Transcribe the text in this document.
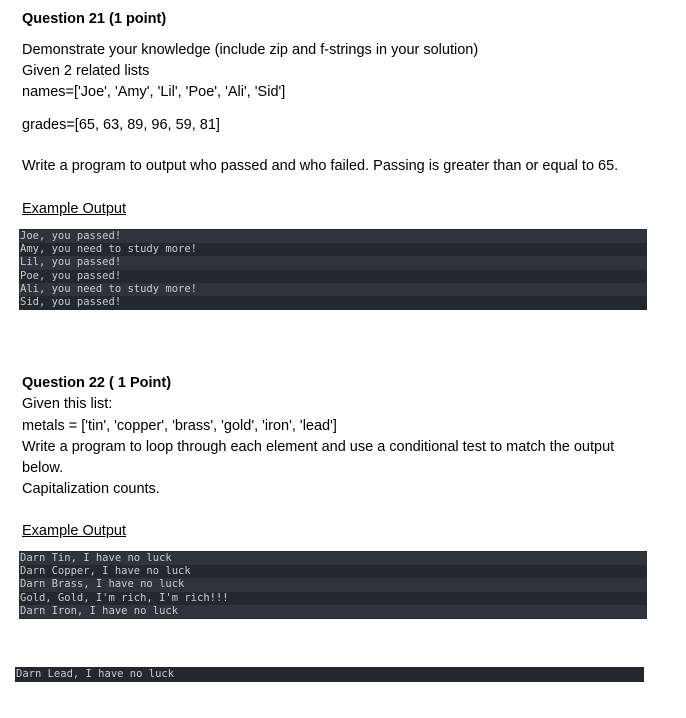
Question 21 (1 point)
Demonstrate your knowledge (include zip and f-strings in your solution)
Given 2 related lists
names=['Joe', 'Amy', 'Lil', 'Poe', 'Ali', 'Sid']
grades=[65, 63, 89, 96, 59, 81]
Write a program to output who passed and who failed. Passing is greater than or equal to 65.
Example Output
Joe, you passed!
Amy, you need to study more!
Lil, you passed!
Poe, you passed!
Ali, you need to study more!
Sid, you passed!
Question 22 ( 1 Point)
Given this list:
metals = ['tin', 'copper', 'brass', 'gold', 'iron', 'lead']
Write a program to loop through each element and use a conditional test to match the output
below.
Capitalization counts.
Example Output
Darn Tin, I have no luck
Darn Copper, I have no luck
Darn Brass, I have no luck
Gold, Gold, I'm rich, I'm rich!!!
Darn Iron, I have no luck
Darn Lead, I have no luck
